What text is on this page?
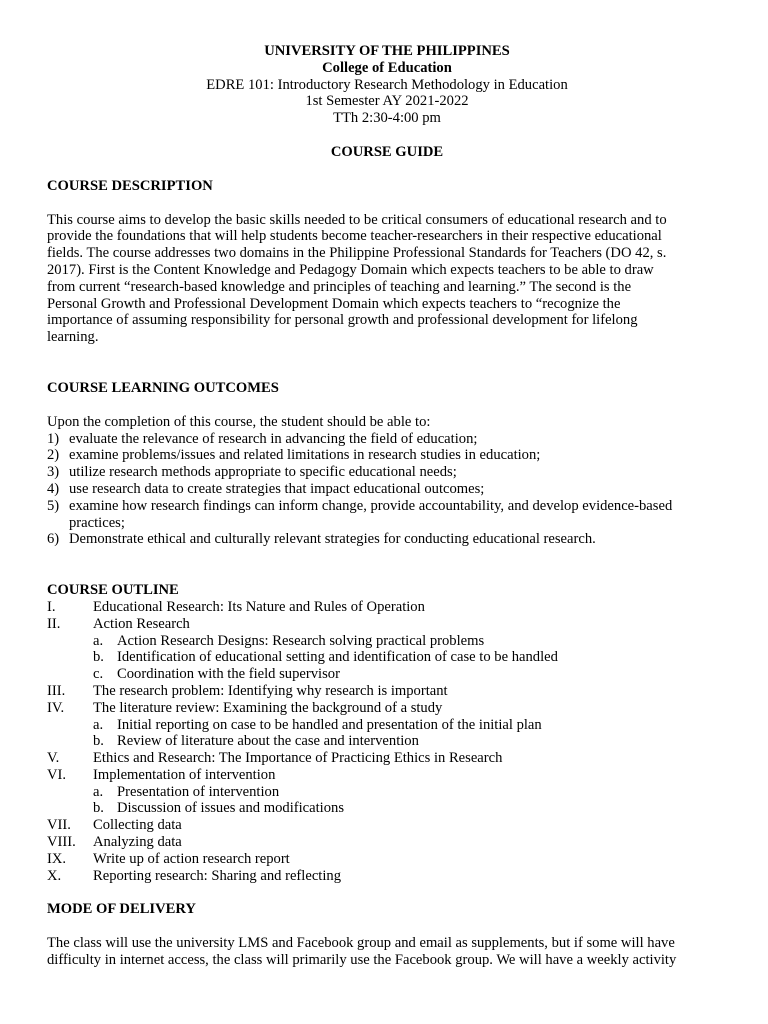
UNIVERSITY OF THE PHILIPPINES
College of Education
EDRE 101: Introductory Research Methodology in Education
1st Semester AY 2021-2022
TTh 2:30-4:00 pm
COURSE GUIDE
COURSE DESCRIPTION
This course aims to develop the basic skills needed to be critical consumers of educational research and to
provide the foundations that will help students become teacher-researchers in their respective educational
fields. The course addresses two domains in the Philippine Professional Standards for Teachers (DO 42, s.
2017). First is the Content Knowledge and Pedagogy Domain which expects teachers to be able to draw
from current “research-based knowledge and principles of teaching and learning.” The second is the
Personal Growth and Professional Development Domain which expects teachers to “recognize the
importance of assuming responsibility for personal growth and professional development for lifelong
learning.
COURSE LEARNING OUTCOMES
Upon the completion of this course, the student should be able to:
1) evaluate the relevance of research in advancing the field of education;
2) examine problems/issues and related limitations in research studies in education;
3) utilize research methods appropriate to specific educational needs;
4) use research data to create strategies that impact educational outcomes;
5) examine how research findings can inform change, provide accountability, and develop evidence-based practices;
6) Demonstrate ethical and culturally relevant strategies for conducting educational research.
COURSE OUTLINE
I.	Educational Research: Its Nature and Rules of Operation
II. Action Research
a. Action Research Designs: Research solving practical problems
b. Identification of educational setting and identification of case to be handled
c. Coordination with the field supervisor
III. The research problem: Identifying why research is important
IV. The literature review: Examining the background of a study
a. Initial reporting on case to be handled and presentation of the initial plan
b. Review of literature about the case and intervention
V. Ethics and Research: The Importance of Practicing Ethics in Research
VI. Implementation of intervention
a. Presentation of intervention
b. Discussion of issues and modifications
VII. Collecting data
VIII. Analyzing data
IX. Write up of action research report
X. Reporting research: Sharing and reflecting
MODE OF DELIVERY
The class will use the university LMS and Facebook group and email as supplements, but if some will have
difficulty in internet access, the class will primarily use the Facebook group. We will have a weekly activity
